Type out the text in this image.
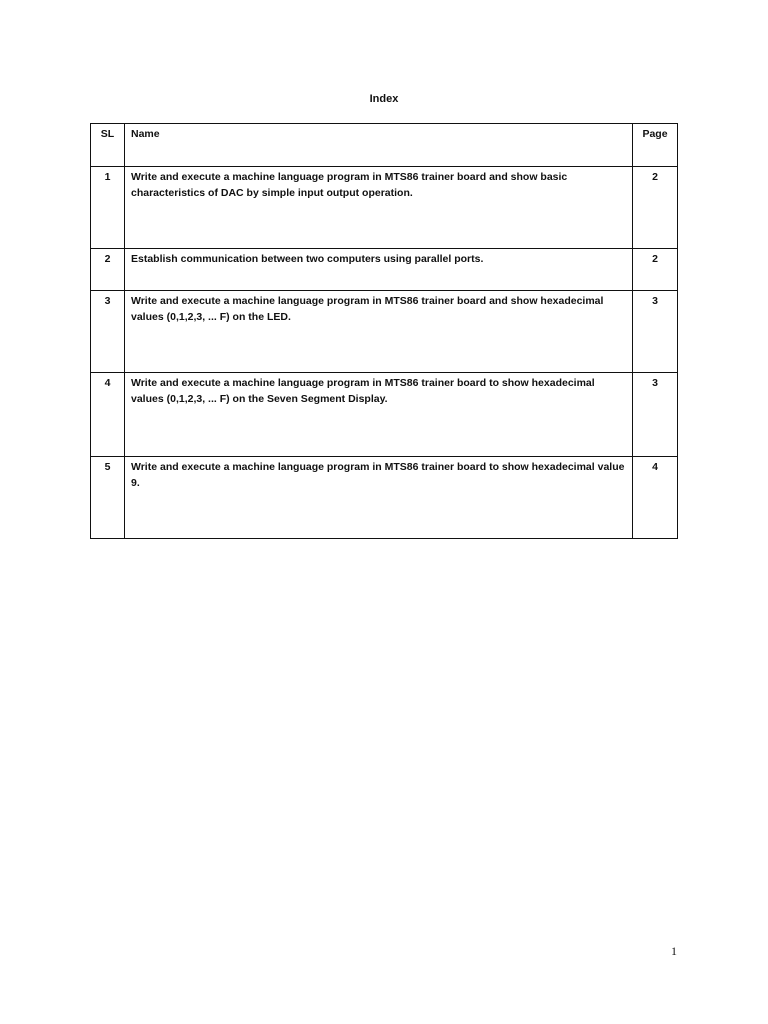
Index
SL	Name	Page

1	Write and execute a machine language program in MTS86 trainer board and show basic characteristics of DAC by simple input output operation.	2

2	Establish communication between two computers using parallel ports.	2

3	Write and execute a machine language program in MTS86 trainer board and show hexadecimal values (0,1,2,3, ... F) on the LED.	3

4	Write and execute a machine language program in MTS86 trainer board to show hexadecimal values (0,1,2,3, ... F) on the Seven Segment Display.	3

5	Write and execute a machine language program in MTS86 trainer board to show hexadecimal value 9.	4
1
